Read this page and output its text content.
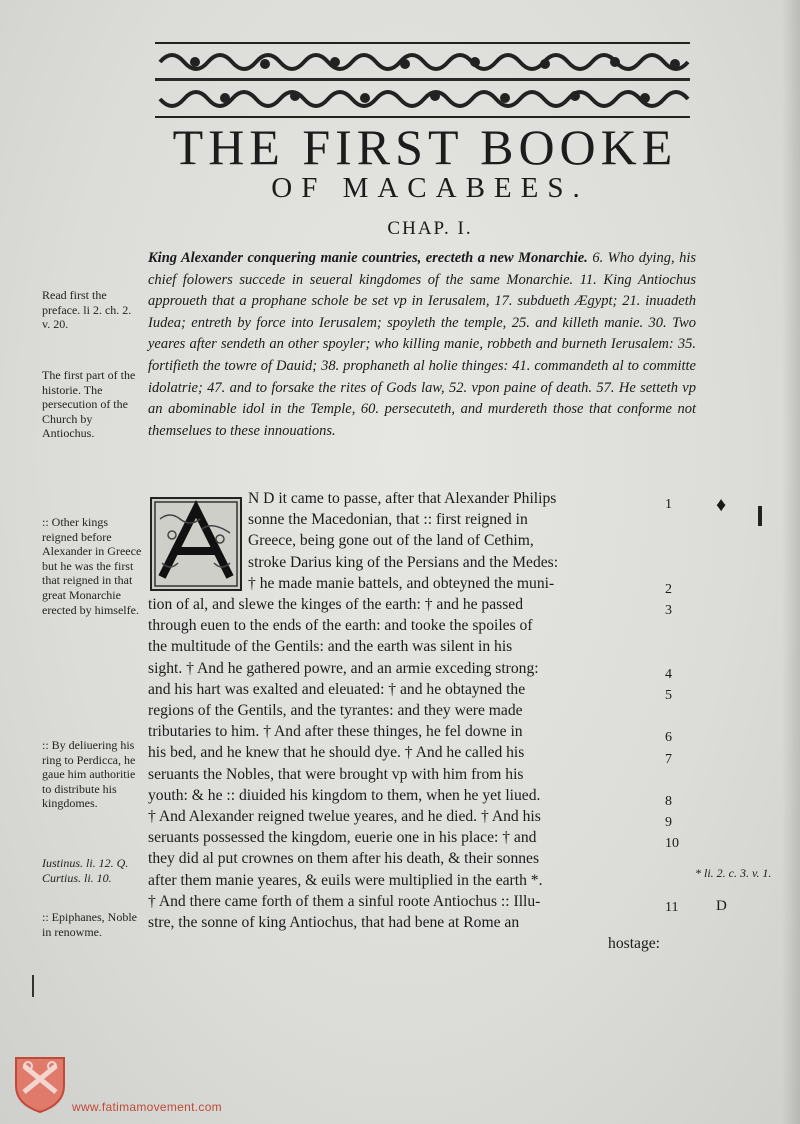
THE FIRST BOOKE
OF MACABEES.
CHAP. I.
King Alexander conquering manie countries, erecteth a new Monarchie. 6. Who dying, his chief folowers succede in seueral kingdomes of the same Monarchie. 11. King Antiochus approueth that a prophane schole be set vp in Ierusalem, 17. subdueth Ægypt; 21. inuadeth Iudea; entreth by force into Ierusalem; spoyleth the temple, 25. and killeth manie. 30. Two yeares after sendeth an other spoyler; who killing manie, robbeth and burneth Ierusalem: 35. fortifieth the towre of Dauid; 38. prophaneth al holie thinges: 41. commandeth al to committe idolatrie; 47. and to forsake the rites of Gods law, 52. vpon paine of death. 57. He setteth vp an abominable idol in the Temple, 60. persecuteth, and murdereth those that conforme not themselues to these innouations.
Read first the preface. li 2. ch. 2. v. 20.
The first part of the historie. The persecution of the Church by Antiochus.
:: Other kings reigned before Alexander in Greece but he was the first that reigned in that great Monarchie erected by himselfe.
:: By deliuering his ring to Perdicca, he gaue him authoritie to distribute his kingdomes.
Iustinus. li. 12. Q. Curtius. li. 10.
:: Epiphanes, Noble in renowme.
N D it came to passe, after that Alexander Philips
sonne the Macedonian, that :: first reigned in
Greece, being gone out of the land of Cethim,
stroke Darius king of the Persians and the Medes:
† he made manie battels, and obteyned the muni-
tion of al, and slewe the kinges of the earth: † and he passed
through euen to the ends of the earth: and tooke the spoiles of
the multitude of the Gentils: and the earth was silent in his
sight. † And he gathered powre, and an armie exceding strong:
and his hart was exalted and eleuated: † and he obtayned the
regions of the Gentils, and the tyrantes: and they were made
tributaries to him. † And after these thinges, he fel downe in
his bed, and he knew that he should dye. † And he called his
seruants the Nobles, that were brought vp with him from his
youth: & he :: diuided his kingdom to them, when he yet liued.
† And Alexander reigned twelue yeares, and he died. † And his
seruants possessed the kingdom, euerie one in his place: † and
they did al put crownes on them after his death, & their sonnes
after them manie yeares, & euils were multiplied in the earth *.
† And there came forth of them a sinful roote Antiochus :: Illu-
stre, the sonne of king Antiochus, that had bene at Rome an
hostage:
1
2
3
4
5
6
7
8
9
10
11
* li. 2. c. 3. v. 1.
D
♦
www.fatimamovement.com
